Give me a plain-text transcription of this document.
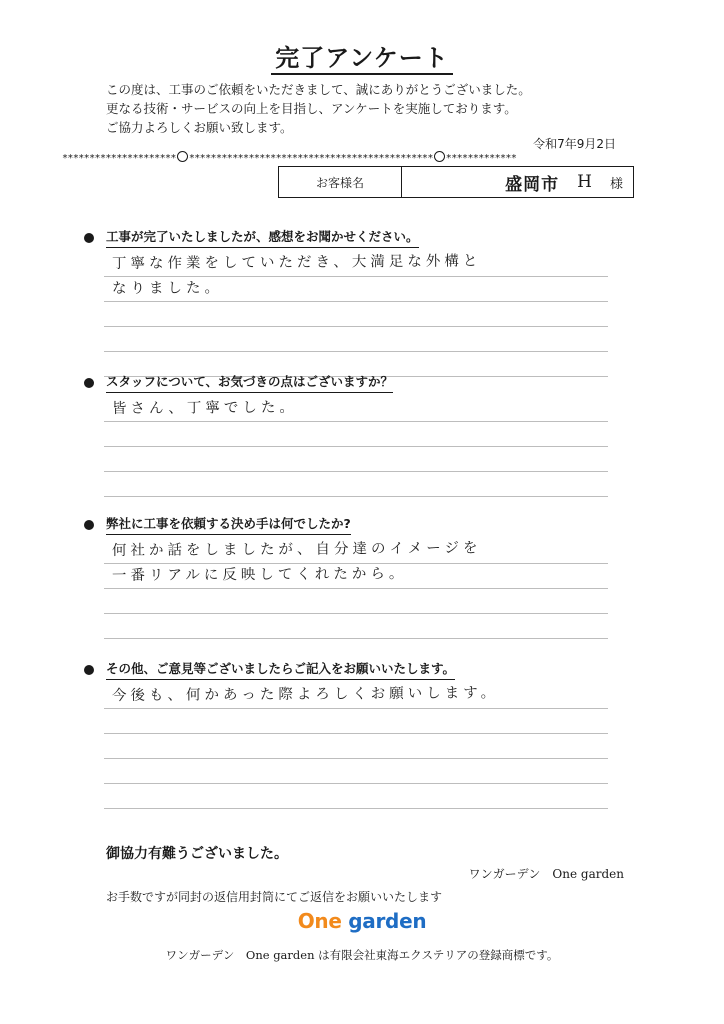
完了アンケート
この度は、工事のご依頼をいただきまして、誠にありがとうございました。
更なる技術・サービスの向上を目指し、アンケートを実施しております。
ご協力よろしくお願い致します。
令和7年9月2日
********************* ********************************************* *************
お客様名	盛岡市 H 様
工事が完了いたしましたが、感想をお聞かせください。
丁寧な作業をしていただき、大満足な外構と
なりました。
スタッフについて、お気づきの点はございますか？
皆さん、丁寧でした。
弊社に工事を依頼する決め手は何でしたか?
何社か話をしましたが、自分達のイメージを
一番リアルに反映してくれたから。
その他、ご意見等ございましたらご記入をお願いいたします。
今後も、何かあった際よろしくお願いします。
御協力有難うございました。
ワンガーデン　One garden
お手数ですが同封の返信用封筒にてご返信をお願いいたします
One garden
ワンガーデン　One garden は有限会社東海エクステリアの登録商標です。
